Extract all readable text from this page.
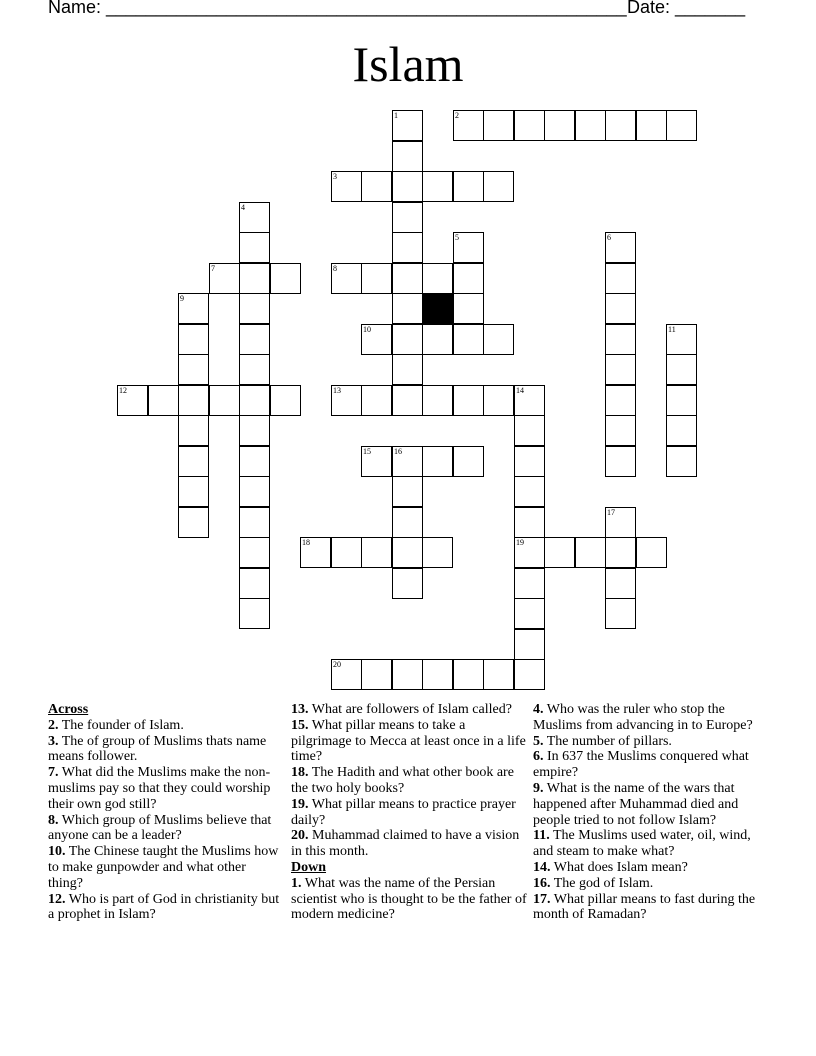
Name: ____________________________________________________ Date: _______
Islam
1	2
3
4
5	6
7	8
9
10	11
12	13	14
19
15	16
17
18
20
Across
2. The founder of Islam.
3. The of group of Muslims thats name means follower.
7. What did the Muslims make the non- muslims pay so that they could worship their own god still?
8. Which group of Muslims believe that anyone can be a leader?
10. The Chinese taught the Muslims how to make gunpowder and what other thing?
12. Who is part of God in christianity but a prophet in Islam?
13. What are followers of Islam called?
15. What pillar means to take a pilgrimage to Mecca at least once in a life time?
18. The Hadith and what other book are the two holy books?
19. What pillar means to practice prayer daily?
20. Muhammad claimed to have a vision in this month.
Down
1. What was the name of the Persian scientist who is thought to be the father of modern medicine?
4. Who was the ruler who stop the Muslims from advancing in to Europe?
5. The number of pillars.
6. In 637 the Muslims conquered what empire?
9. What is the name of the wars that happened after Muhammad died and people tried to not follow Islam?
11. The Muslims used water, oil, wind, and steam to make what?
14. What does Islam mean?
16. The god of Islam.
17. What pillar means to fast during the month of Ramadan?
